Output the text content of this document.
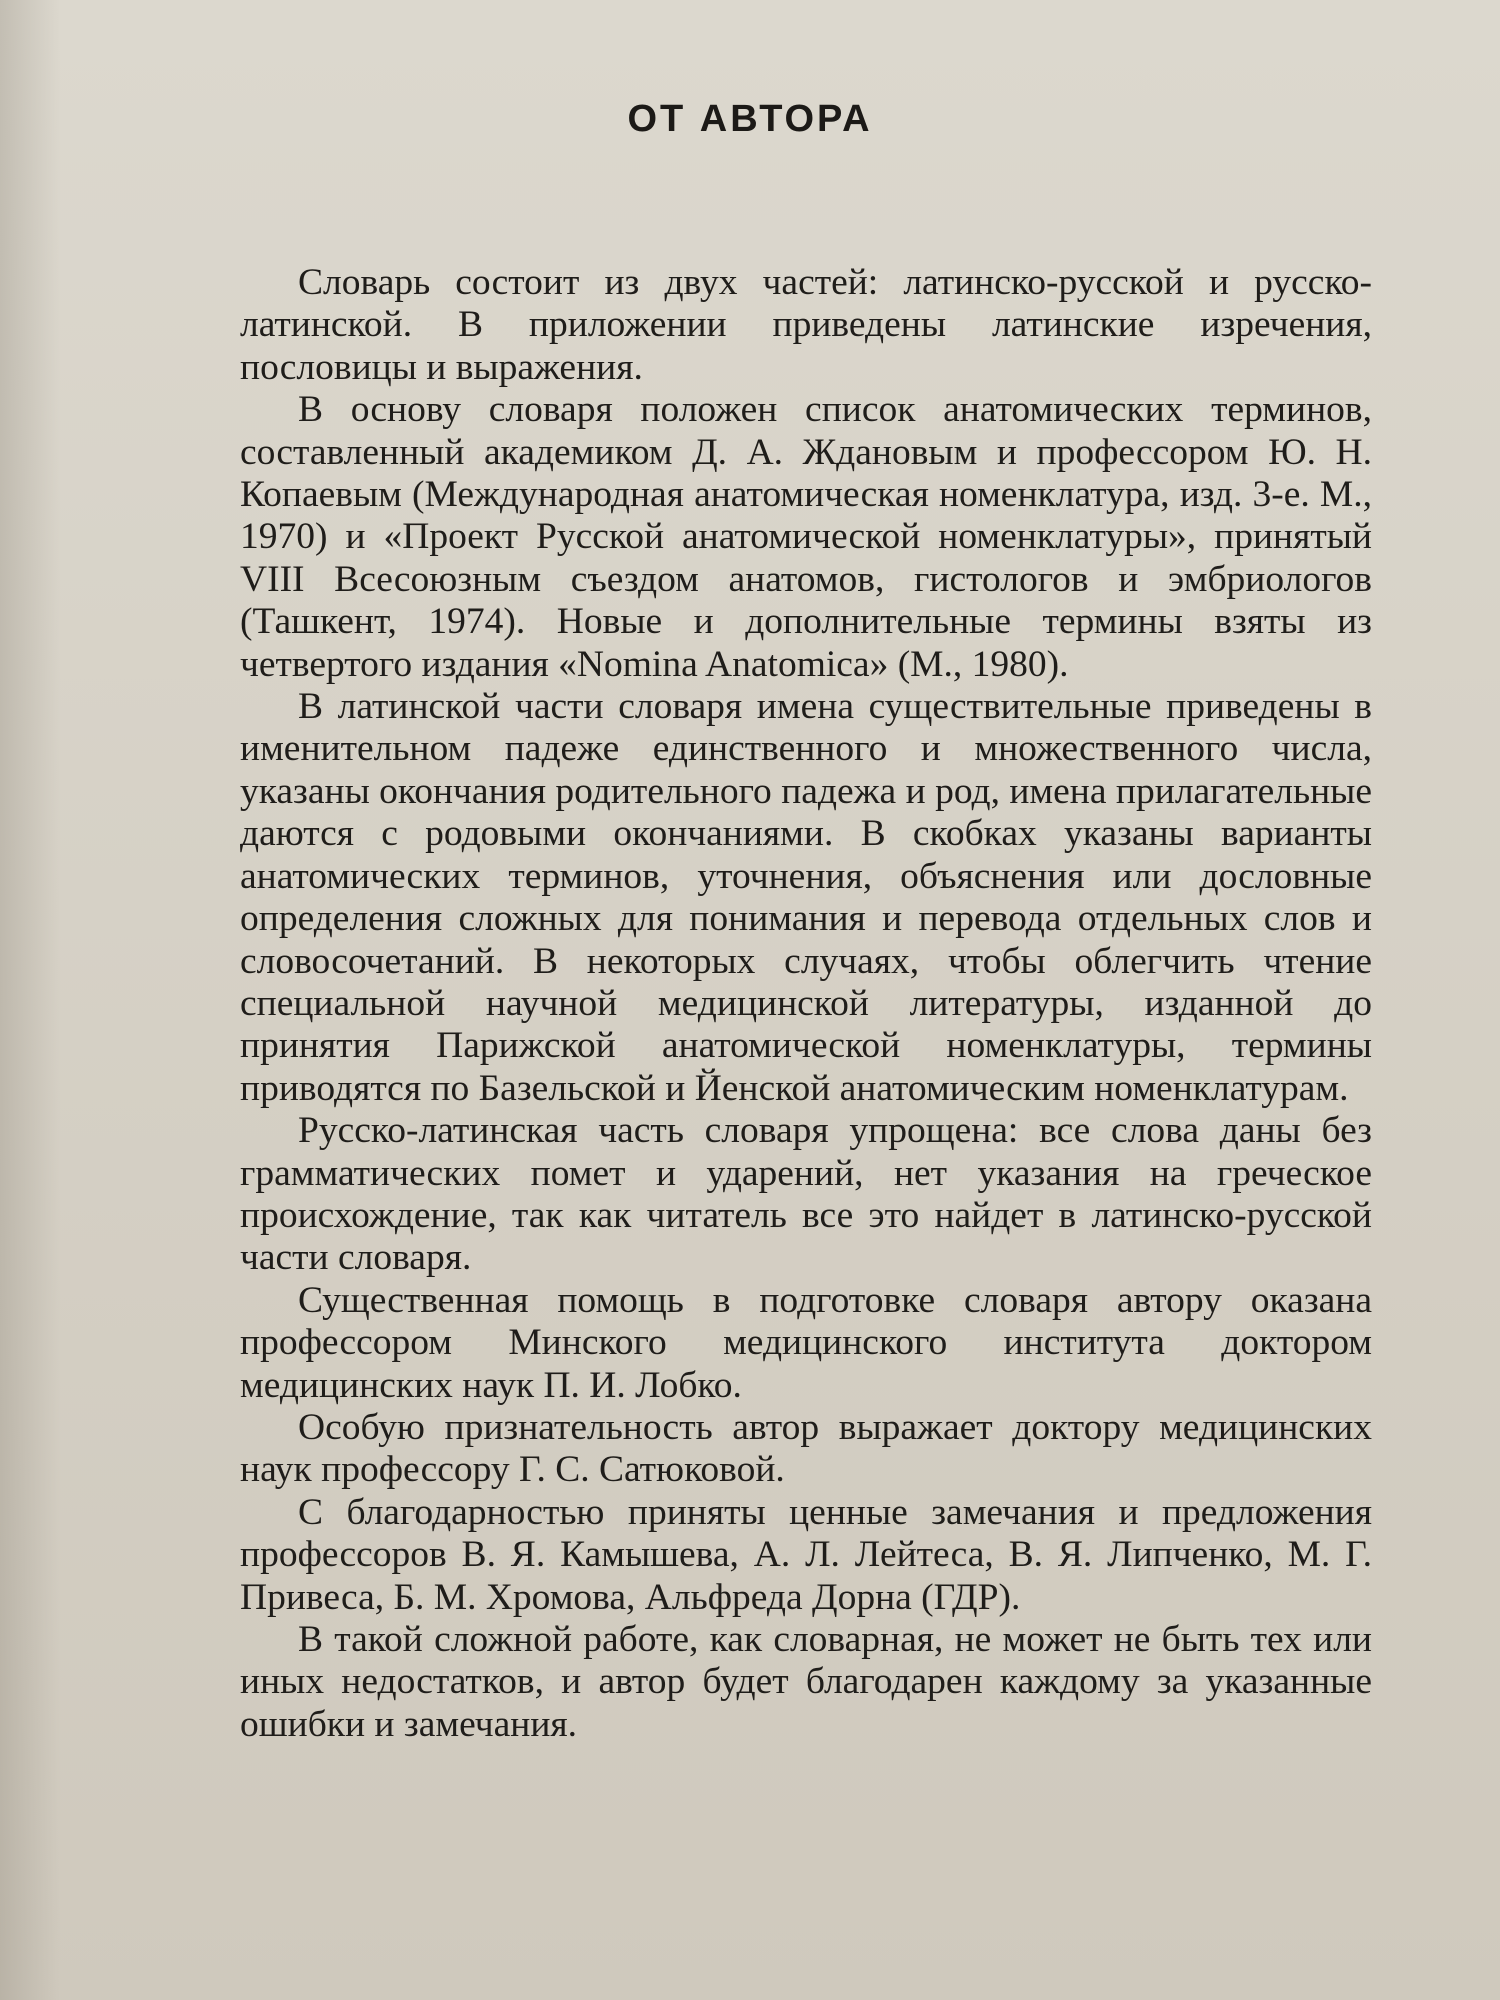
ОТ АВТОРА

Словарь состоит из двух частей: латинско-русской и русско-латинской. В приложении приведены латинские изречения, пословицы и выражения.

В основу словаря положен список анатомических терминов, составленный академиком Д. А. Ждановым и профессором Ю. Н. Копаевым (Международная анатомическая номенклатура, изд. 3-е. М., 1970) и «Проект Русской анатомической номенклатуры», принятый VIII Всесоюзным съездом анатомов, гистологов и эмбриологов (Ташкент, 1974). Новые и дополнительные термины взяты из четвертого издания «Nomina Anatomica» (М., 1980).

В латинской части словаря имена существительные приведены в именительном падеже единственного и множественного числа, указаны окончания родительного падежа и род, имена прилагательные даются с родовыми окончаниями. В скобках указаны варианты анатомических терминов, уточнения, объяснения или дословные определения сложных для понимания и перевода отдельных слов и словосочетаний. В некоторых случаях, чтобы облегчить чтение специальной научной медицинской литературы, изданной до принятия Парижской анатомической номенклатуры, термины приводятся по Базельской и Йенской анатомическим номенклатурам.

Русско-латинская часть словаря упрощена: все слова даны без грамматических помет и ударений, нет указания на греческое происхождение, так как читатель все это найдет в латинско-русской части словаря.

Существенная помощь в подготовке словаря автору оказана профессором Минского медицинского института доктором медицинских наук П. И. Лобко.

Особую признательность автор выражает доктору медицинских наук профессору Г. С. Сатюковой.

С благодарностью приняты ценные замечания и предложения профессоров В. Я. Камышева, А. Л. Лейтеса, В. Я. Липченко, М. Г. Привеса, Б. М. Хромова, Альфреда Дорна (ГДР).

В такой сложной работе, как словарная, не может не быть тех или иных недостатков, и автор будет благодарен каждому за указанные ошибки и замечания.
